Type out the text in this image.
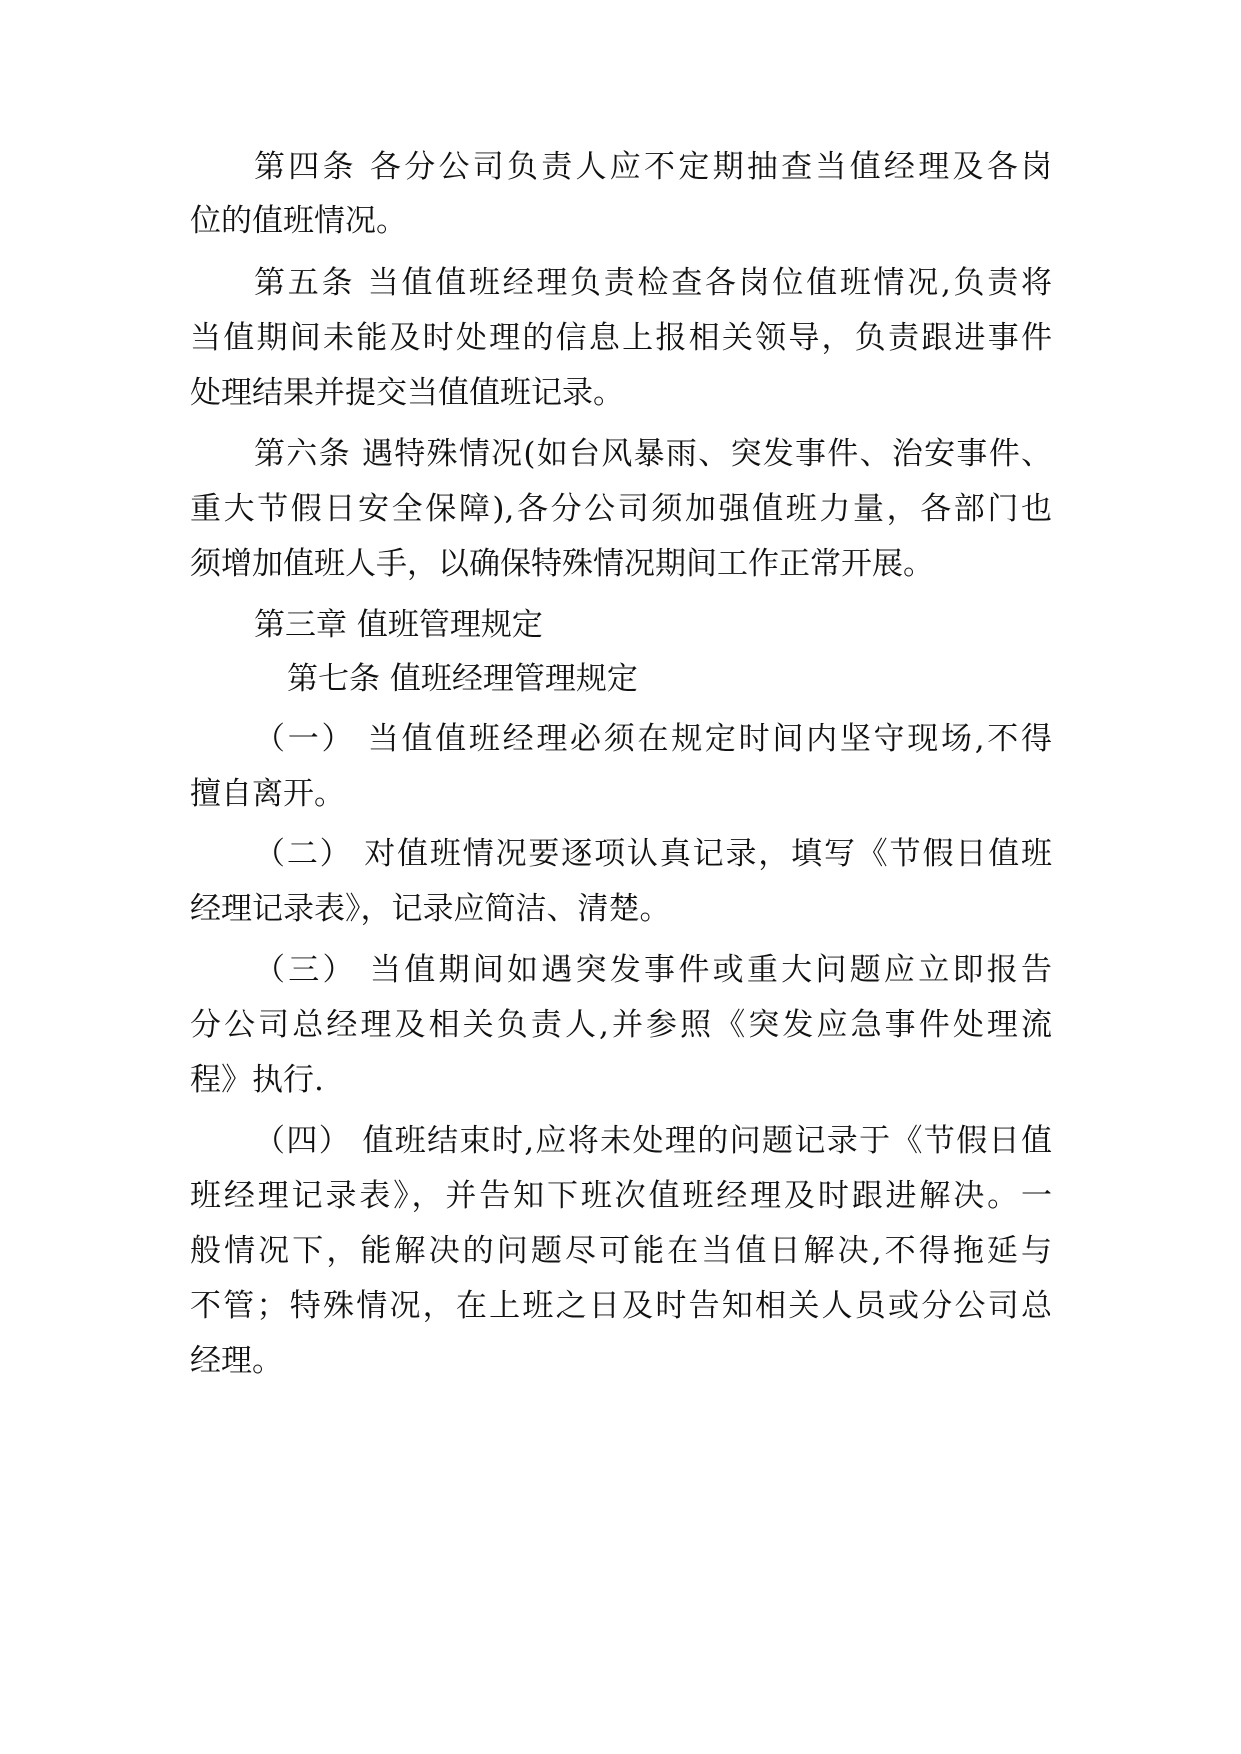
第四条 各分公司负责人应不定期抽查当值经理及各岗

位的值班情况。

第五条 当值值班经理负责检查各岗位值班情况,负责将

当值期间未能及时处理的信息上报相关领导，负责跟进事件

处理结果并提交当值值班记录。

第六条 遇特殊情况(如台风暴雨、突发事件、治安事件、

重大节假日安全保障),各分公司须加强值班力量，各部门也

须增加值班人手，以确保特殊情况期间工作正常开展。

第三章 值班管理规定

第七条 值班经理管理规定

（一） 当值值班经理必须在规定时间内坚守现场,不得

擅自离开。

（二） 对值班情况要逐项认真记录，填写《节假日值班

经理记录表》，记录应简洁、清楚。

（三） 当值期间如遇突发事件或重大问题应立即报告

分公司总经理及相关负责人,并参照《突发应急事件处理流

程》执行.

（四） 值班结束时,应将未处理的问题记录于《节假日值

班经理记录表》，并告知下班次值班经理及时跟进解决。一

般情况下，能解决的问题尽可能在当值日解决,不得拖延与

不管；特殊情况，在上班之日及时告知相关人员或分公司总

经理。
